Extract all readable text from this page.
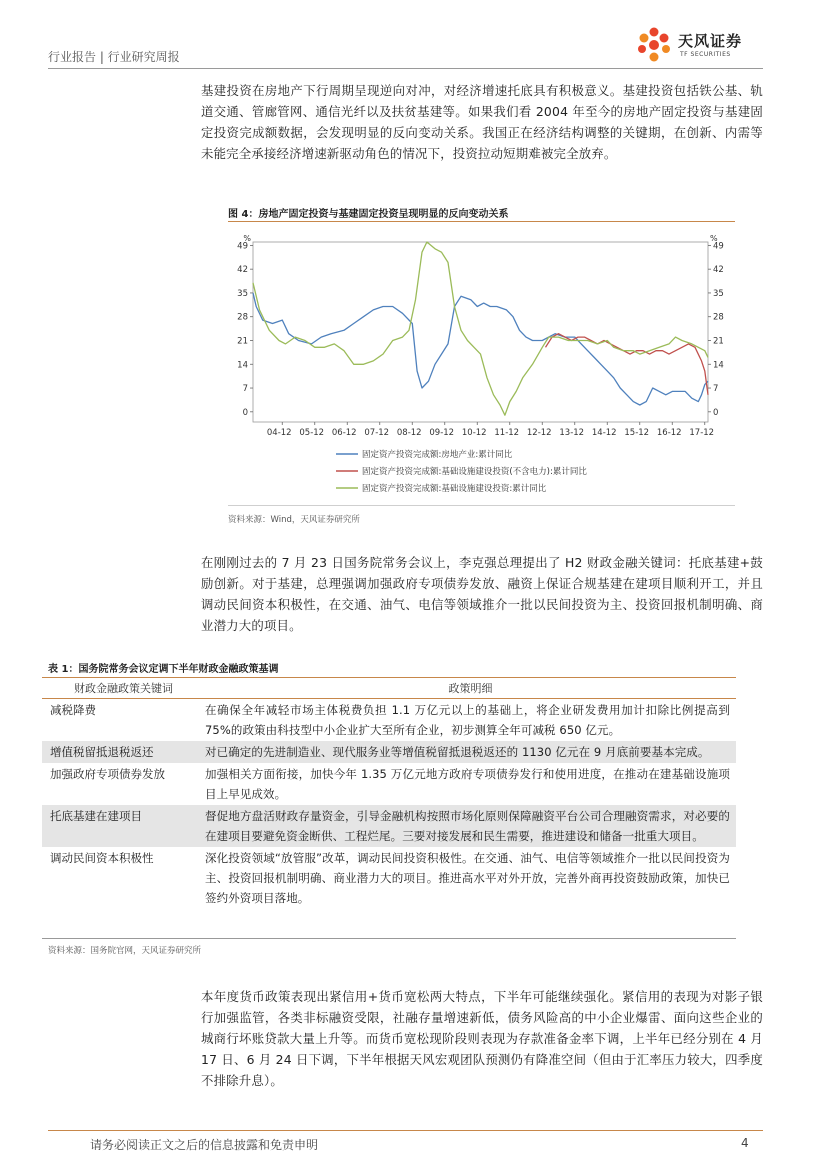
行业报告 | 行业研究周报
天风证券
TF SECURITIES
基建投资在房地产下行周期呈现逆向对冲，对经济增速托底具有积极意义。基建投资包括铁公基、轨道交通、管廊管网、通信光纤以及扶贫基建等。如果我们看 2004 年至今的房地产固定投资与基建固定投资完成额数据，会发现明显的反向变动关系。我国正在经济结构调整的关键期，在创新、内需等未能完全承接经济增速新驱动角色的情况下，投资拉动短期难被完全放弃。
图 4：房地产固定投资与基建固定投资呈现明显的反向变动关系
%	%
0	0
7	7
14	14
21	21
28	28
35	35
42	42
49	49
04-12 05-12 06-12 07-12 08-12 09-12 10-12 11-12 12-12 13-12 14-12 15-12 16-12 17-12
固定资产投资完成额:房地产业:累计同比
固定资产投资完成额:基础设施建设投资(不含电力):累计同比
固定资产投资完成额:基础设施建设投资:累计同比
资料来源：Wind，天风证券研究所
在刚刚过去的 7 月 23 日国务院常务会议上，李克强总理提出了 H2 财政金融关键词：托底基建+鼓励创新。对于基建，总理强调加强政府专项债券发放、融资上保证合规基建在建项目顺利开工，并且调动民间资本积极性，在交通、油气、电信等领域推介一批以民间投资为主、投资回报机制明确、商业潜力大的项目。
表 1：国务院常务会议定调下半年财政金融政策基调
财政金融政策关键词	政策明细
减税降费	在确保全年减轻市场主体税费负担 1.1 万亿元以上的基础上，将企业研发费用加计扣除比例提高到 75%的政策由科技型中小企业扩大至所有企业，初步测算全年可减税 650 亿元。
增值税留抵退税返还	对已确定的先进制造业、现代服务业等增值税留抵退税返还的 1130 亿元在 9 月底前要基本完成。
加强政府专项债券发放	加强相关方面衔接，加快今年 1.35 万亿元地方政府专项债券发行和使用进度，在推动在建基础设施项目上早见成效。
托底基建在建项目	督促地方盘活财政存量资金，引导金融机构按照市场化原则保障融资平台公司合理融资需求，对必要的在建项目要避免资金断供、工程烂尾。三要对接发展和民生需要，推进建设和储备一批重大项目。
调动民间资本积极性	深化投资领域“放管服”改革，调动民间投资积极性。在交通、油气、电信等领域推介一批以民间投资为主、投资回报机制明确、商业潜力大的项目。推进高水平对外开放，完善外商再投资鼓励政策，加快已签约外资项目落地。
资料来源：国务院官网，天风证券研究所
本年度货币政策表现出紧信用+货币宽松两大特点，下半年可能继续强化。紧信用的表现为对影子银行加强监管，各类非标融资受限，社融存量增速新低，债务风险高的中小企业爆雷、面向这些企业的城商行坏账贷款大量上升等。而货币宽松现阶段则表现为存款准备金率下调，上半年已经分别在 4 月 17 日、6 月 24 日下调，下半年根据天风宏观团队预测仍有降准空间（但由于汇率压力较大，四季度不排除升息）。
请务必阅读正文之后的信息披露和免责申明	4
